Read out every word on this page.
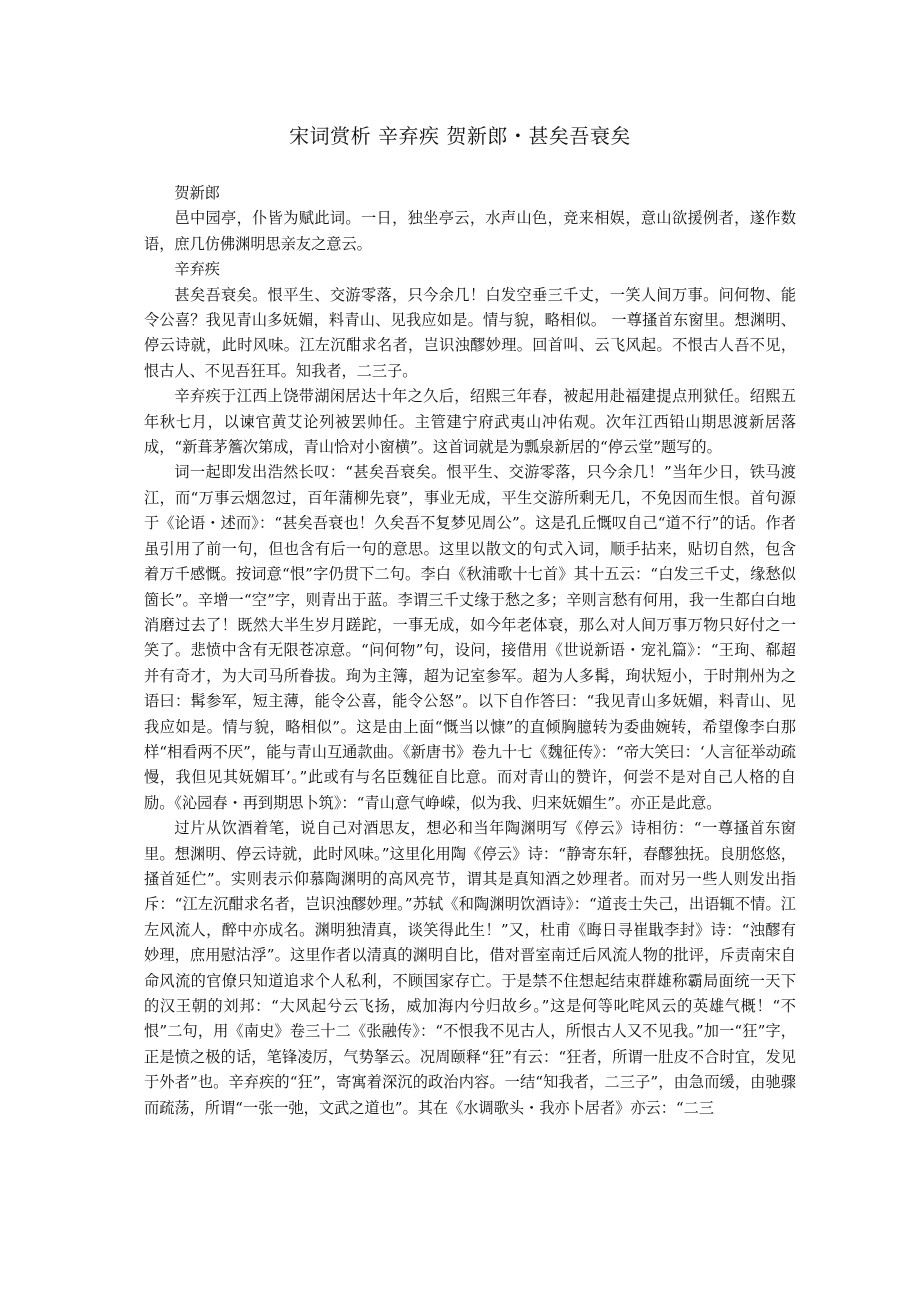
宋词赏析 辛弃疾 贺新郎・甚矣吾衰矣

贺新郎

邑中园亭，仆皆为赋此词。一日，独坐亭云，水声山色，竞来相娱，意山欲援例者，遂作数语，庶几仿佛渊明思亲友之意云。

辛弃疾

甚矣吾衰矣。恨平生、交游零落，只今余几！白发空垂三千丈，一笑人间万事。问何物、能令公喜？我见青山多妩媚，料青山、见我应如是。情与貌，略相似。 一尊搔首东窗里。想渊明、停云诗就，此时风味。江左沉酣求名者，岂识浊醪妙理。回首叫、云飞风起。不恨古人吾不见，恨古人、不见吾狂耳。知我者，二三子。

辛弃疾于江西上饶带湖闲居达十年之久后，绍熙三年春，被起用赴福建提点刑狱任。绍熙五年秋七月，以谏官黄艾论列被罢帅任。主管建宁府武夷山冲佑观。次年江西铅山期思渡新居落成，“新葺茅簷次第成，青山恰对小窗横”。这首词就是为瓢泉新居的“停云堂”题写的。

词一起即发出浩然长叹：“甚矣吾衰矣。恨平生、交游零落，只今余几！”当年少日，铁马渡江，而“万事云烟忽过，百年蒲柳先衰”，事业无成，平生交游所剩无几，不免因而生恨。首句源于《论语・述而》：“甚矣吾衰也！久矣吾不复梦见周公”。这是孔丘慨叹自己“道不行”的话。作者虽引用了前一句，但也含有后一句的意思。这里以散文的句式入词，顺手拈来，贴切自然，包含着万千感慨。按词意“恨”字仍贯下二句。李白《秋浦歌十七首》其十五云：“白发三千丈，缘愁似箇长”。辛增一“空”字，则青出于蓝。李谓三千丈缘于愁之多；辛则言愁有何用，我一生都白白地消磨过去了！既然大半生岁月蹉跎，一事无成，如今年老体衰，那么对人间万事万物只好付之一笑了。悲愤中含有无限苍凉意。“问何物”句，设问，接借用《世说新语・宠礼篇》：“王珣、郗超并有奇才，为大司马所眷拔。珣为主簿，超为记室参军。超为人多髯，珣状短小，于时荆州为之语曰：髯参军，短主薄，能令公喜，能令公怒”。以下自作答曰：“我见青山多妩媚，料青山、见我应如是。情与貌，略相似”。这是由上面“慨当以慷”的直倾胸臆转为委曲婉转，希望像李白那样“相看两不厌”，能与青山互通款曲。《新唐书》卷九十七《魏征传》：“帝大笑曰：‘人言征举动疏慢，我但见其妩媚耳’。”此或有与名臣魏征自比意。而对青山的赞许，何尝不是对自己人格的自励。《沁园春・再到期思卜筑》：“青山意气峥嵘，似为我、归来妩媚生”。亦正是此意。

过片从饮酒着笔，说自己对酒思友，想必和当年陶渊明写《停云》诗相彷：“一尊搔首东窗里。想渊明、停云诗就，此时风味。”这里化用陶《停云》诗：“静寄东轩，春醪独抚。良朋悠悠，搔首延伫”。实则表示仰慕陶渊明的高风亮节，谓其是真知酒之妙理者。而对另一些人则发出指斥：“江左沉酣求名者，岂识浊醪妙理。”苏轼《和陶渊明饮酒诗》：“道丧士失己，出语辄不情。江左风流人，醉中亦成名。渊明独清真，谈笑得此生！”又，杜甫《晦日寻崔戢李封》诗：“浊醪有妙理，庶用慰沽浮”。这里作者以清真的渊明自比，借对晋室南迁后风流人物的批评，斥责南宋自命风流的官僚只知道追求个人私利，不顾国家存亡。于是禁不住想起结束群雄称霸局面统一天下的汉王朝的刘邦：“大风起兮云飞扬，威加海内兮归故乡。”这是何等叱咤风云的英雄气概！“不恨”二句，用《南史》卷三十二《张融传》：“不恨我不见古人，所恨古人又不见我。”加一“狂”字，正是愤之极的话，笔锋凌厉，气势拏云。况周颐释“狂”有云：“狂者，所谓一肚皮不合时宜，发见于外者”也。辛弃疾的“狂”，寄寓着深沉的政治内容。一结“知我者，二三子”，由急而缓，由驰骤而疏荡，所谓“一张一弛，文武之道也”。其在《水调歌头・我亦卜居者》亦云：“二三
